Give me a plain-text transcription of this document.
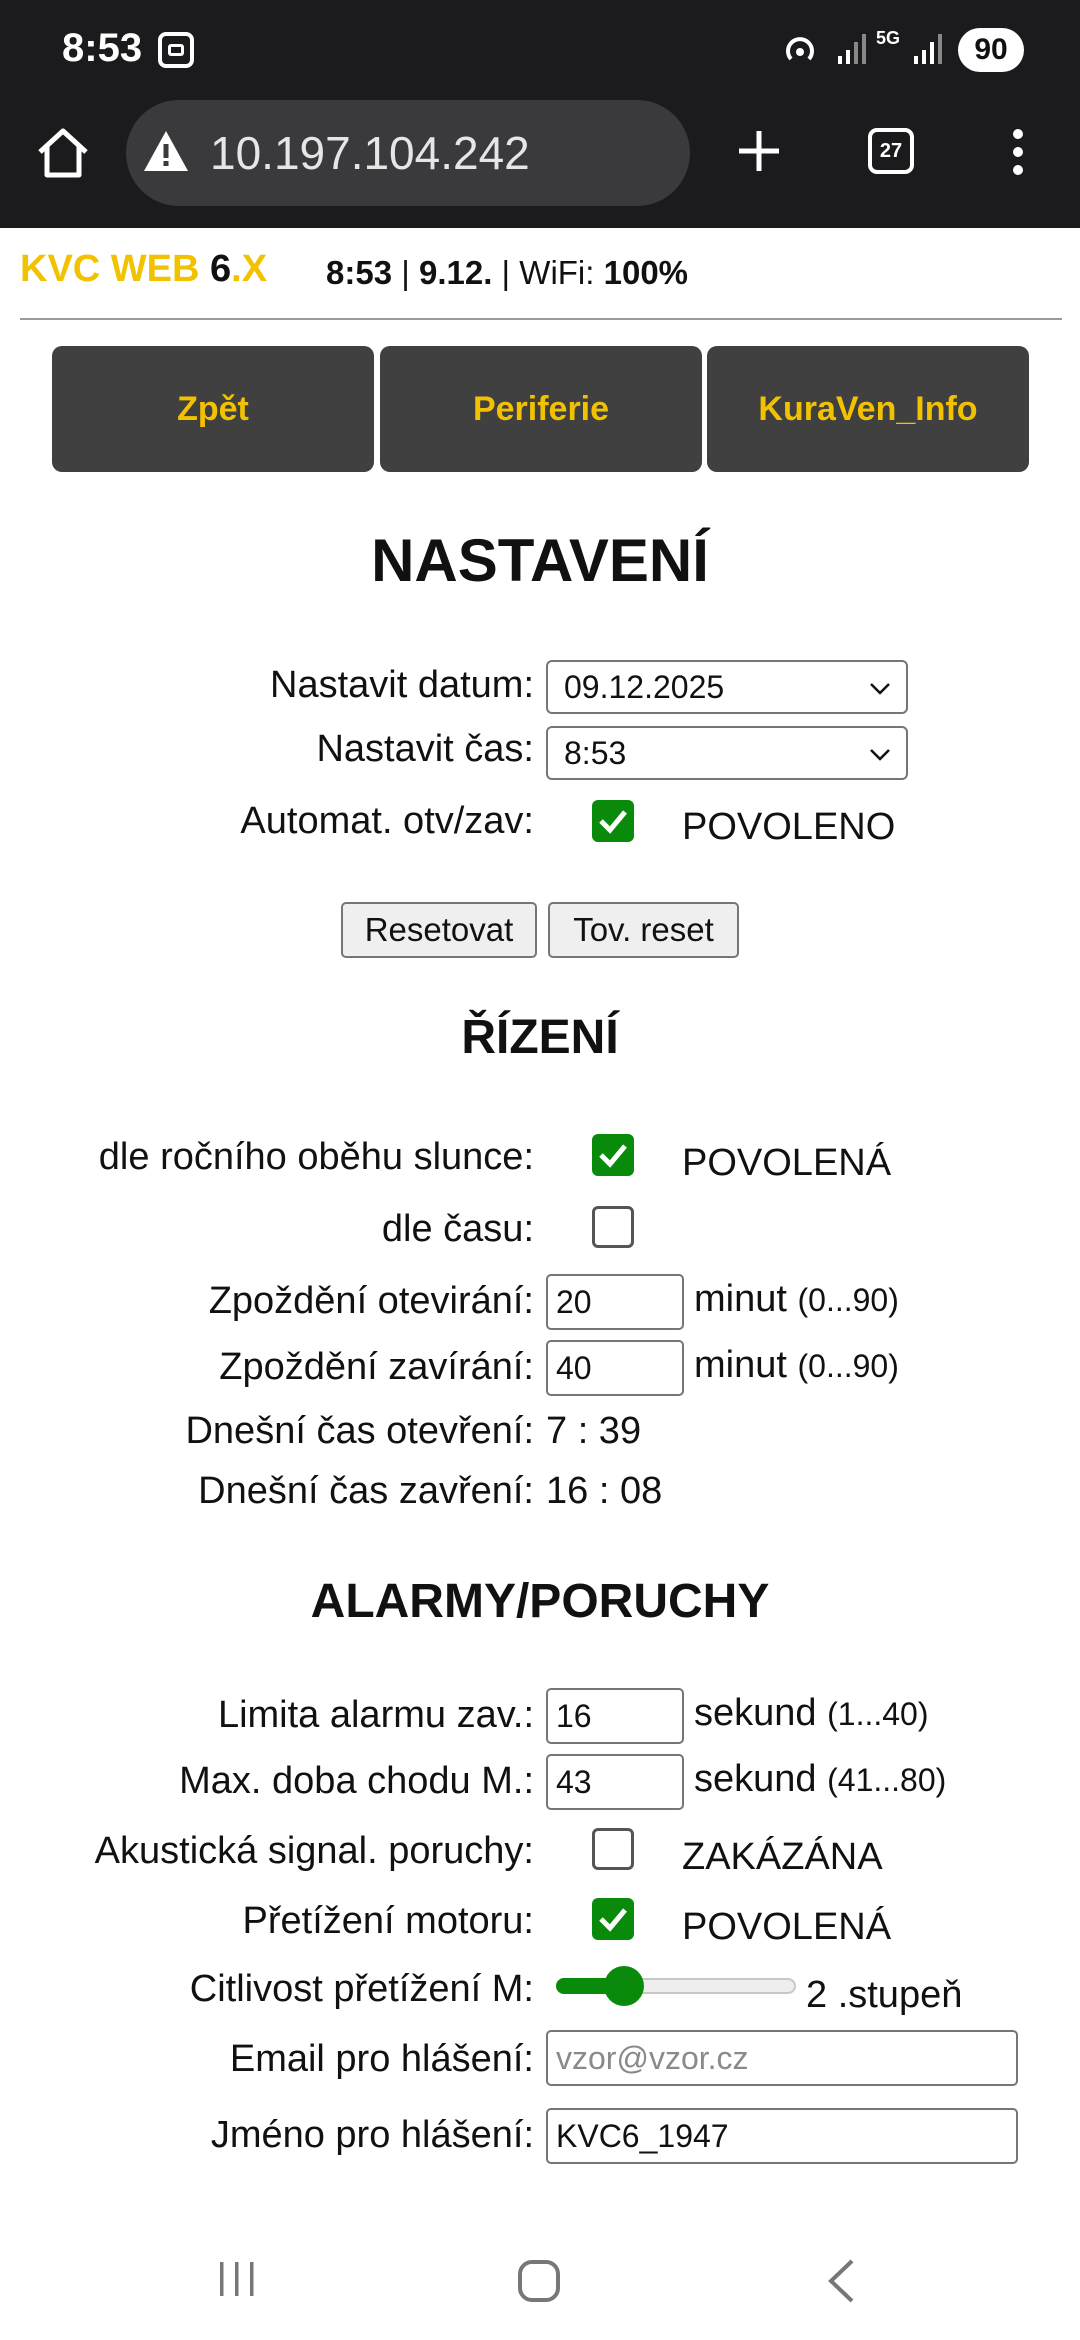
8:53	5G	90
10.197.104.242	27
KVC WEB 6.X 8:53 | 9.12. | WiFi: 100%
Zpět	Periferie	KuraVen_Info
NASTAVENÍ
Nastavit datum: 09.12.2025
Nastavit čas: 8:53
Automat. otv/zav:	POVOLENO
Resetovat	Tov. reset
ŘÍZENÍ
dle ročního oběhu slunce:	POVOLENÁ
dle času:
Zpoždění otevirání: 20	minut (0...90)
Zpoždění zavírání: 40	minut (0...90)
Dnešní čas otevření: 7 : 39
Dnešní čas zavření: 16 : 08
ALARMY/PORUCHY
Limita alarmu zav.: 16	sekund (1...40)
Max. doba chodu M.: 43	sekund (41...80)
Akustická signal. poruchy:	ZAKÁZÁNA
Přetížení motoru:	POVOLENÁ
Citlivost přetížení M:	2 .stupeň
Email pro hlášení: vzor@vzor.cz
Jméno pro hlášení: KVC6_1947
